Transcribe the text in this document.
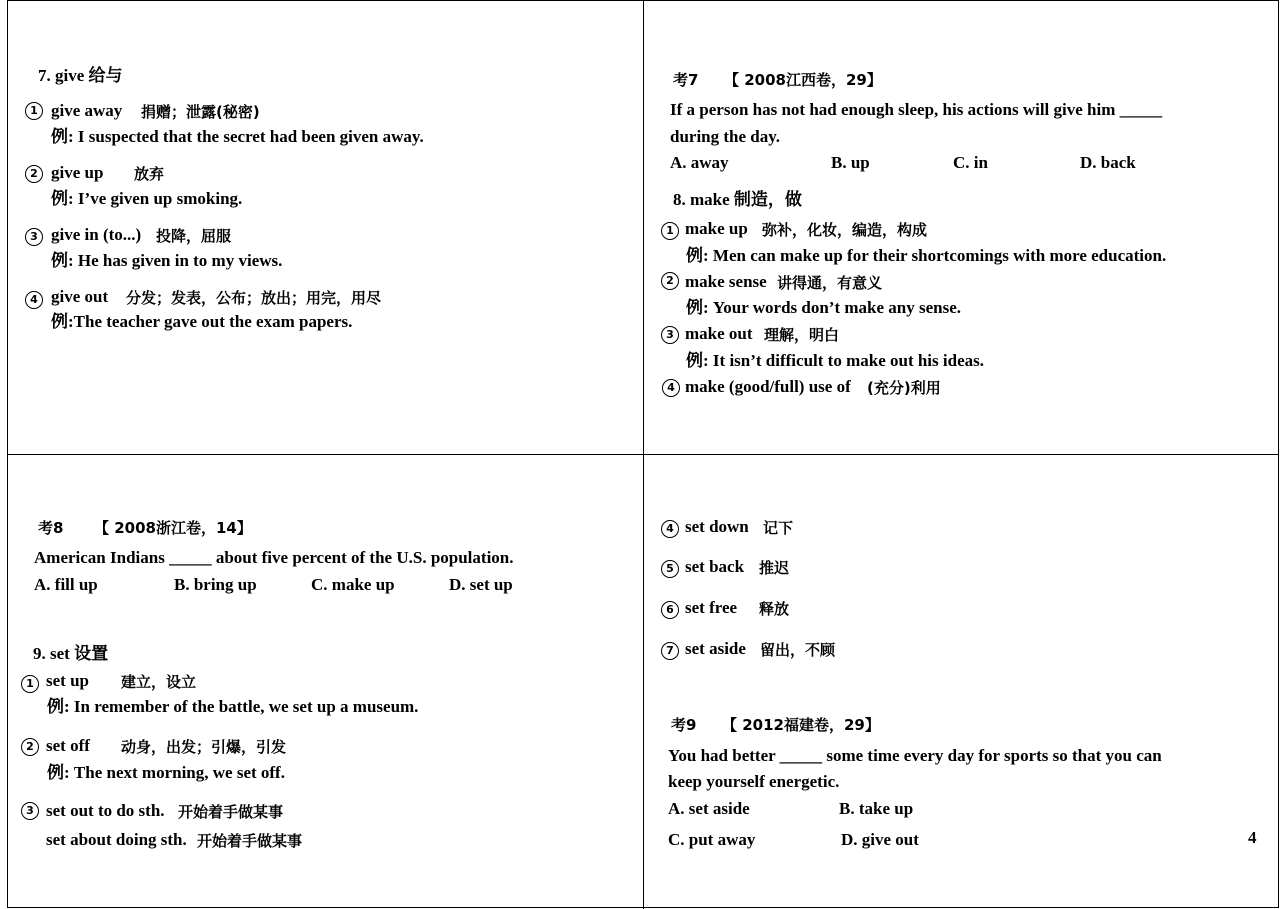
7. give 给与
1 give away 捐赠；泄露(秘密)
例: I suspected that the secret had been given away.
2 give up 放弃
例: I’ve given up smoking.
3 give in (to...) 投降，屈服
例: He has given in to my views.
4 give out 分发；发表，公布；放出；用完，用尽
例:The teacher gave out the exam papers.
考7 【 2008江西卷，29】
If a person has not had enough sleep, his actions will give him _____
during the day.
A. away	B. up	C. in	D. back
8. make 制造，做
1 make up 弥补，化妆，编造，构成
例: Men can make up for their shortcomings with more education.
2 make sense 讲得通，有意义
例: Your words don’t make any sense.
3 make out 理解，明白
例: It isn’t difficult to make out his ideas.
4 make (good/full) use of (充分)利用
考8 【 2008浙江卷，14】
American Indians _____ about five percent of the U.S. population.
A. fill up	B. bring up	C. make up	D. set up
9. set 设置
1 set up 建立，设立
例: In remember of the battle, we set up a museum.
2 set off 动身，出发；引爆，引发
例: The next morning, we set off.
3 set out to do sth. 开始着手做某事
set about doing sth. 开始着手做某事
4 set down 记下
5 set back 推迟
6 set free 释放
7 set aside 留出，不顾
考9 【 2012福建卷，29】
You had better _____ some time every day for sports so that you can
keep yourself energetic.
A. set aside	B. take up
C. put away	D. give out	4
